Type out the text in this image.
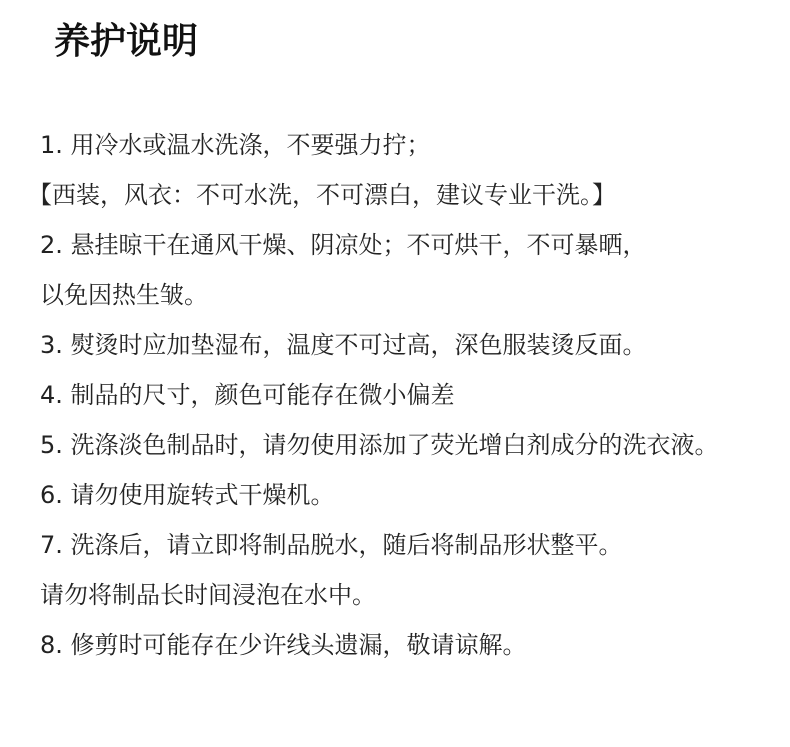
养护说明
1. 用冷水或温水洗涤，不要强力拧；
【西装，风衣：不可水洗，不可漂白，建议专业干洗。】
2. 悬挂晾干在通风干燥、阴凉处；不可烘干，不可暴晒，
以免因热生皱。
3. 熨烫时应加垫湿布，温度不可过高，深色服装烫反面。
4. 制品的尺寸，颜色可能存在微小偏差
5. 洗涤淡色制品时，请勿使用添加了荧光增白剂成分的洗衣液。
6. 请勿使用旋转式干燥机。
7. 洗涤后，请立即将制品脱水，随后将制品形状整平。
请勿将制品长时间浸泡在水中。
8. 修剪时可能存在少许线头遗漏，敬请谅解。
